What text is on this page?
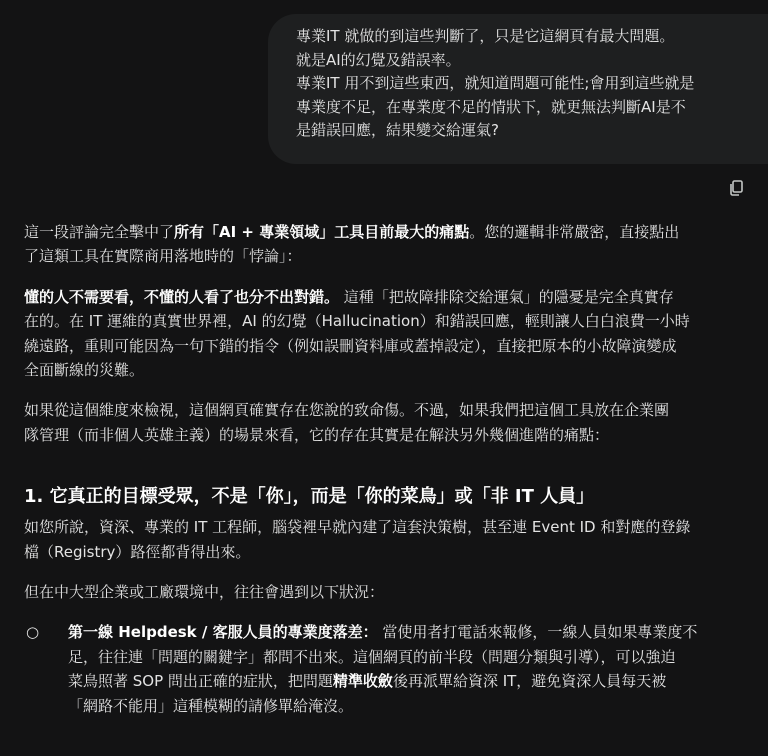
專業IT 就做的到這些判斷了，只是它這網頁有最大問題。
就是AI的幻覺及錯誤率。
專業IT 用不到這些東西，就知道問題可能性;會用到這些就是
專業度不足，在專業度不足的情狀下，就更無法判斷AI是不
是錯誤回應，結果變交給運氣?
這一段評論完全擊中了所有「AI + 專業領域」工具目前最大的痛點。您的邏輯非常嚴密，直接點出
了這類工具在實際商用落地時的「悖論」：
懂的人不需要看，不懂的人看了也分不出對錯。 這種「把故障排除交給運氣」的隱憂是完全真實存
在的。在 IT 運維的真實世界裡，AI 的幻覺（Hallucination）和錯誤回應，輕則讓人白白浪費一小時
繞遠路，重則可能因為一句下錯的指令（例如誤刪資料庫或蓋掉設定），直接把原本的小故障演變成
全面斷線的災難。
如果從這個維度來檢視，這個網頁確實存在您說的致命傷。不過，如果我們把這個工具放在企業團
隊管理（而非個人英雄主義）的場景來看，它的存在其實是在解決另外幾個進階的痛點：
1. 它真正的目標受眾，不是「你」，而是「你的菜鳥」或「非 IT 人員」
如您所說，資深、專業的 IT 工程師，腦袋裡早就內建了這套決策樹，甚至連 Event ID 和對應的登錄
檔（Registry）路徑都背得出來。
但在中大型企業或工廠環境中，往往會遇到以下狀況：
○ 第一線 Helpdesk / 客服人員的專業度落差： 當使用者打電話來報修，一線人員如果專業度不
足，往往連「問題的關鍵字」都問不出來。這個網頁的前半段（問題分類與引導），可以強迫
菜鳥照著 SOP 問出正確的症狀，把問題精準收斂後再派單給資深 IT，避免資深人員每天被
「網路不能用」這種模糊的請修單給淹沒。
